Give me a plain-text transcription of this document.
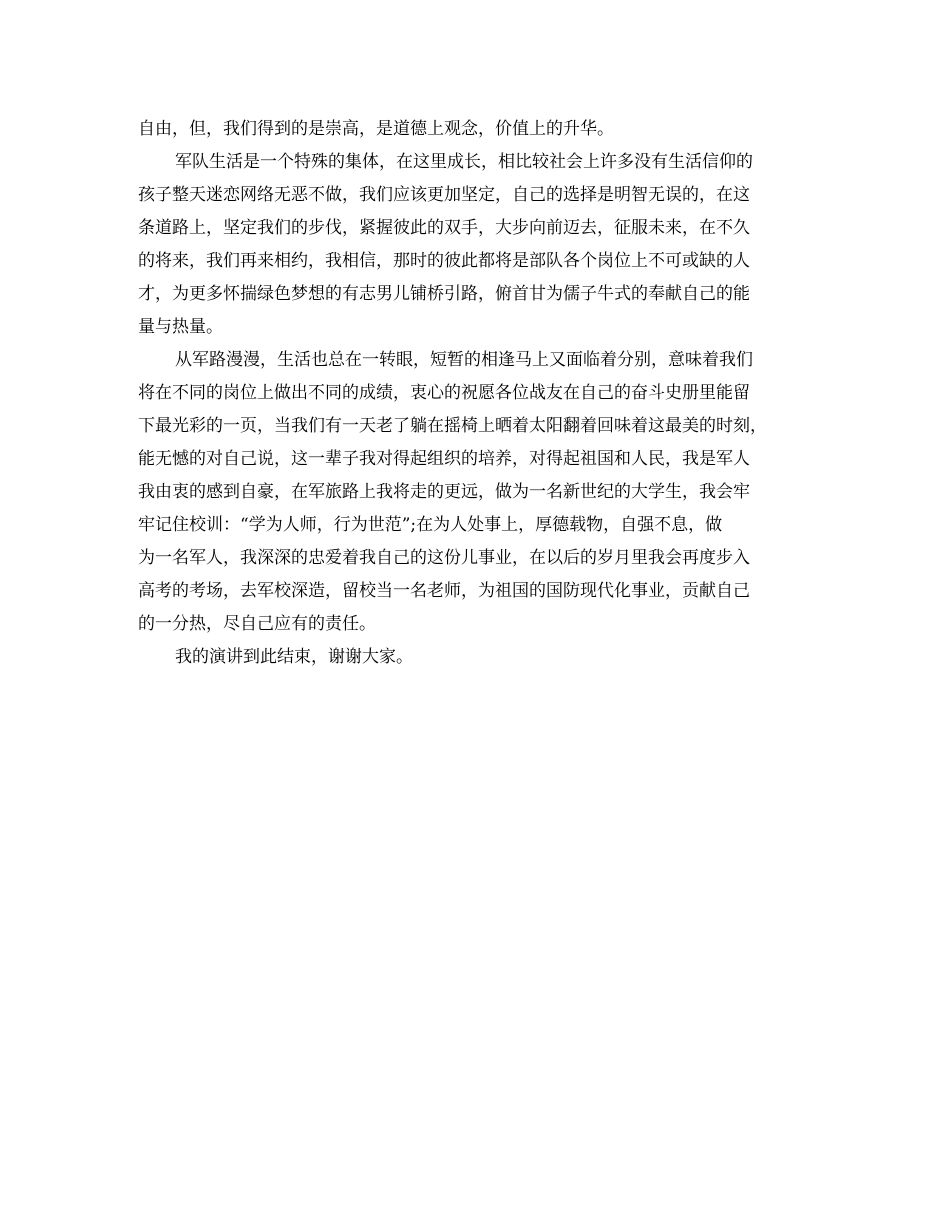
自由，但，我们得到的是崇高，是道德上观念，价值上的升华。
军队生活是一个特殊的集体，在这里成长，相比较社会上许多没有生活信仰的
孩子整天迷恋网络无恶不做，我们应该更加坚定，自己的选择是明智无误的，在这
条道路上，坚定我们的步伐，紧握彼此的双手，大步向前迈去，征服未来，在不久
的将来，我们再来相约，我相信，那时的彼此都将是部队各个岗位上不可或缺的人
才，为更多怀揣绿色梦想的有志男儿铺桥引路，俯首甘为儒子牛式的奉献自己的能
量与热量。
从军路漫漫，生活也总在一转眼，短暂的相逢马上又面临着分别，意味着我们
将在不同的岗位上做出不同的成绩，衷心的祝愿各位战友在自己的奋斗史册里能留
下最光彩的一页，当我们有一天老了躺在摇椅上晒着太阳翻着回味着这最美的时刻，
能无憾的对自己说，这一辈子我对得起组织的培养，对得起祖国和人民，我是军人
我由衷的感到自豪，在军旅路上我将走的更远，做为一名新世纪的大学生，我会牢
牢记住校训：“学为人师，行为世范”;在为人处事上，厚德载物，自强不息，做
为一名军人，我深深的忠爱着我自己的这份儿事业，在以后的岁月里我会再度步入
高考的考场，去军校深造，留校当一名老师，为祖国的国防现代化事业，贡献自己
的一分热，尽自己应有的责任。
我的演讲到此结束，谢谢大家。
